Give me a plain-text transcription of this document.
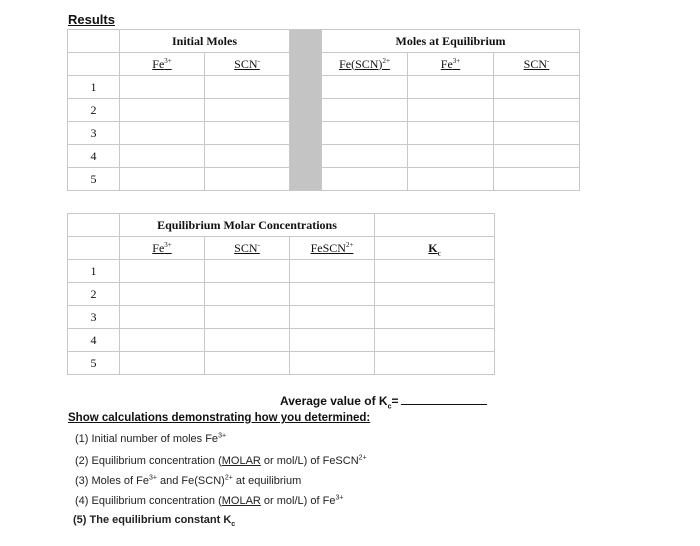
Results
	Initial Moles			Moles at Equilibrium		
	$Fe^{3+}$	SCN-		Fe(SCN)$^{2+}$	$Fe^{3+}$	SCN-
1						
2						
3						
4						
5						
	Equilibrium Molar Concentrations			
	$Fe^{3+}$	SCN-	FeSCN$^{2+}$	$K_c$
1				
2				
3				
4				
5				
Average value of $K_c=$
Show calculations demonstrating how you determined:
(1) Initial number of moles $Fe^{3+}$
(2) Equilibrium concentration (MOLAR or mol/L) of FeSCN$^{2+}$
(3) Moles of $Fe^{3+}$ and Fe(SCN)$^{2+}$ at equilibrium
(4) Equilibrium concentration (MOLAR or mol/L) of $Fe^{3+}$
(5) The equilibrium constant $K_c$
